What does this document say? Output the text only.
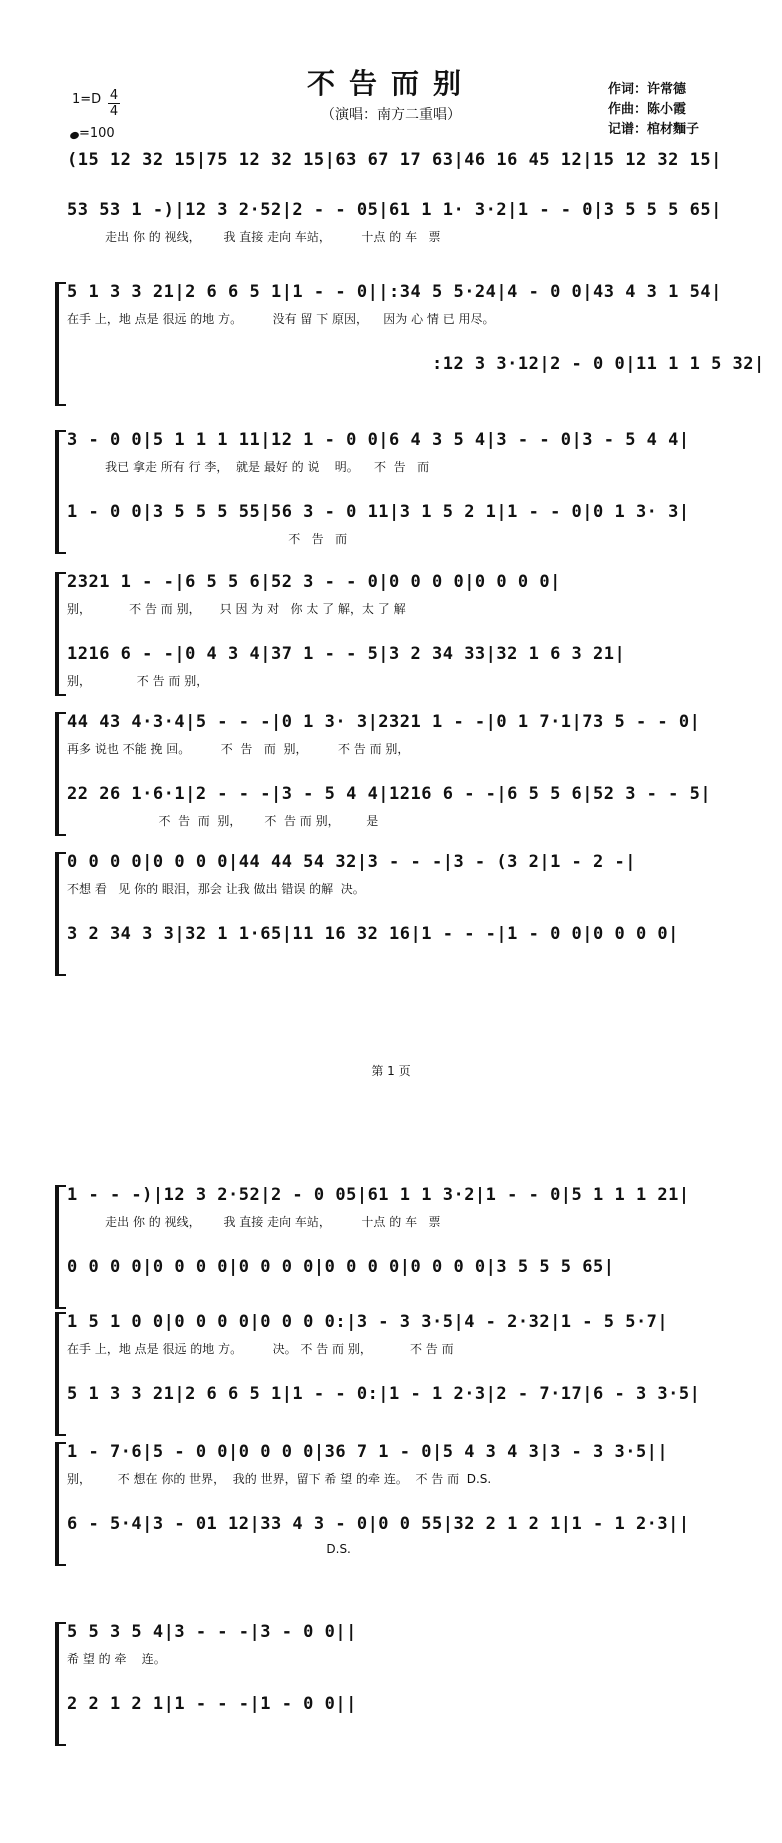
不告而别
（演唱：南方二重唱）
1=D 4
4
=100
作词：许常德
作曲：陈小霞
记谱：棺材麵子
(15 12 32 15|75 12 32 15|63 67 17 63|46 16 45 12|15 12 32 15|
53 53 1 -)|12 3 2·52|2 - - 05|61 1 1· 3·2|1 - - 0|3 5 5 5 65|
走出 你 的 视线，      我 直接 走向 车站，        十点 的 车   票
5 1 3 3 21|2 6 6 5 1|1 - - 0||:34 5 5·24|4 - 0 0|43 4 3 1 54|
在手 上，地 点是 很远 的地 方。        没有 留 下 原因，    因为 心 情 已 用尽。
:12 3 3·12|2 - 0 0|11 1 1 5 32|
3 - 0 0|5 1 1 1 11|12 1 - 0 0|6 4 3 5 4|3 - - 0|3 - 5 4 4|
我已 拿走 所有 行 李，  就是 最好 的 说    明。    不  告   而
1 - 0 0|3 5 5 5 55|56 3 - 0 11|3 1 5 2 1|1 - - 0|0 1 3· 3|
不   告   而
2321 1 - -|6 5 5 6|52 3 - - 0|0 0 0 0|0 0 0 0|
别，          不 告 而 别，     只 因 为 对   你 太 了 解，太 了 解
1216 6 - -|0 4 3 4|37 1 - - 5|3 2 34 33|32 1 6 3 21|
别，            不 告 而 别，
44 43 4·3·4|5 - - -|0 1 3· 3|2321 1 - -|0 1 7·1|73 5 - - 0|
再多 说也 不能 挽 回。        不  告   而  别，        不 告 而 别，
22 26 1·6·1|2 - - -|3 - 5 4 4|1216 6 - -|6 5 5 6|52 3 - - 5|
不  告  而  别，      不  告 而 别，       是
0 0 0 0|0 0 0 0|44 44 54 32|3 - - -|3 - (3 2|1 - 2 -|
不想 看   见 你的 眼泪，那会 让我 做出 错误 的解  决。
3 2 34 3 3|32 1 1·65|11 16 32 16|1 - - -|1 - 0 0|0 0 0 0|
1 - - -)|12 3 2·52|2 - 0 05|61 1 1 3·2|1 - - 0|5 1 1 1 21|
走出 你 的 视线，      我 直接 走向 车站，        十点 的 车   票
0 0 0 0|0 0 0 0|0 0 0 0|0 0 0 0|0 0 0 0|3 5 5 5 65|
1 5 1 0 0|0 0 0 0|0 0 0 0:|3 - 3 3·5|4 - 2·32|1 - 5 5·7|
在手 上，地 点是 很远 的地 方。        决。 不 告 而 别，          不 告 而
5 1 3 3 21|2 6 6 5 1|1 - - 0:|1 - 1 2·3|2 - 7·17|6 - 3 3·5|
1 - 7·6|5 - 0 0|0 0 0 0|36 7 1 - 0|5 4 3 4 3|3 - 3 3·5||
别，       不 想在 你的 世界，  我的 世界，留下 希 望 的牵 连。  不 告 而  D.S.
6 - 5·4|3 - 01 12|33 4 3 - 0|0 0 55|32 2 1 2 1|1 - 1 2·3||
D.S.
5 5 3 5 4|3 - - -|3 - 0 0||
希 望 的 牵    连。
2 2 1 2 1|1 - - -|1 - 0 0||
第 1 页
